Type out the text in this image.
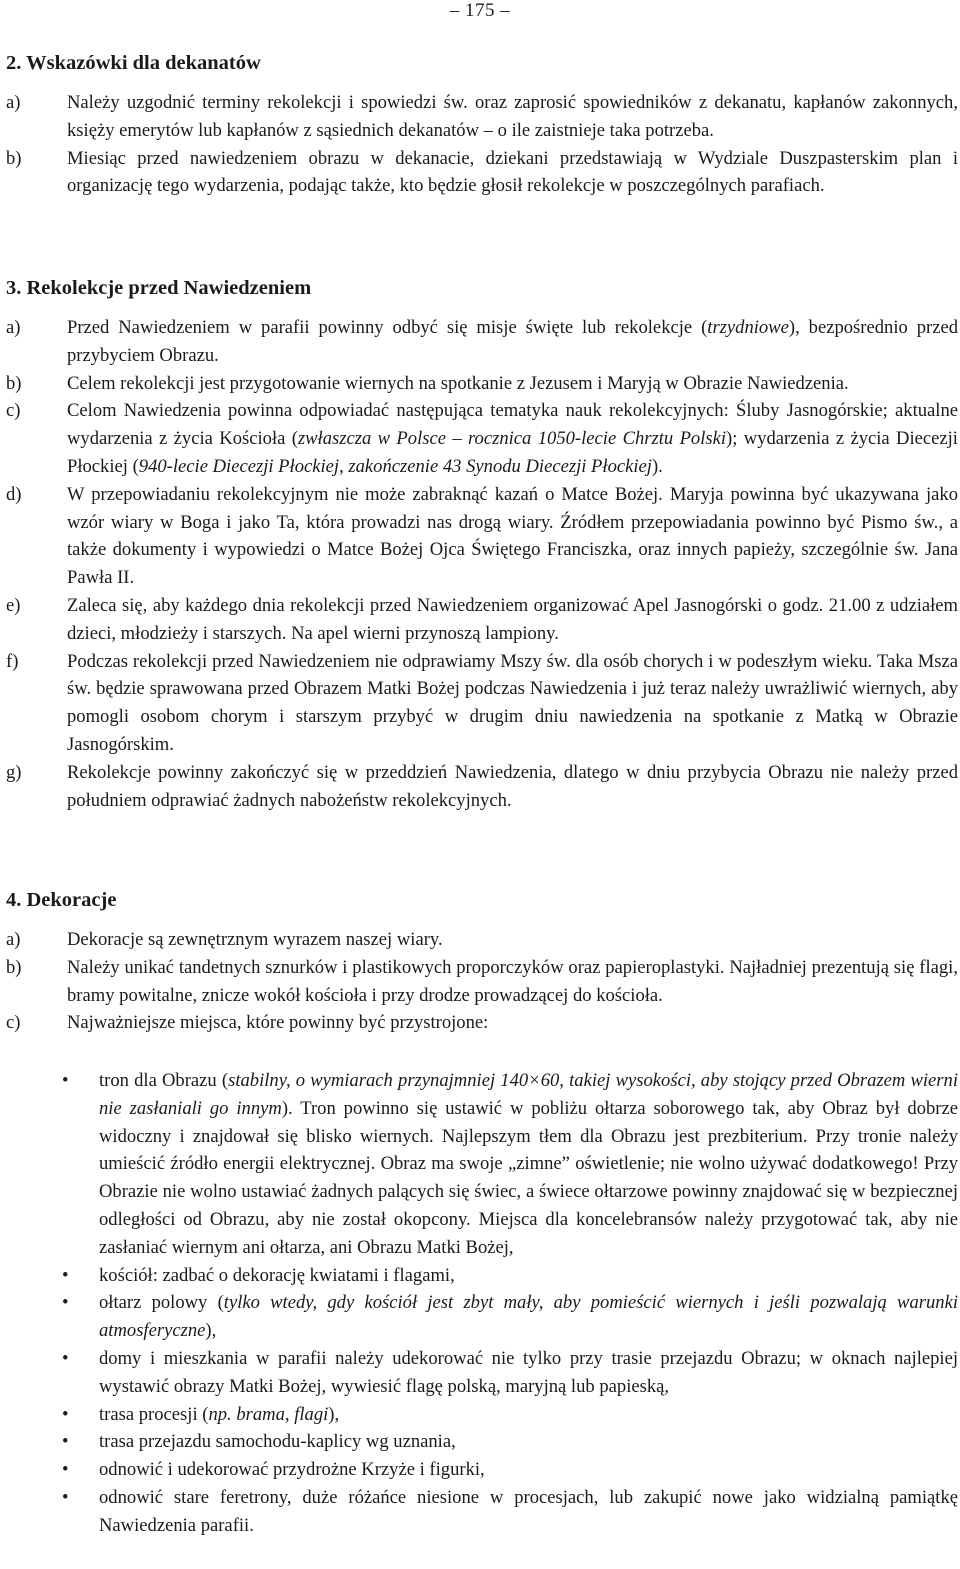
– 175 –
2. Wskazówki dla dekanatów
a)	Należy uzgodnić terminy rekolekcji i spowiedzi św. oraz zaprosić spowiedników z dekanatu, kapłanów zakonnych, księży emerytów lub kapłanów z sąsiednich dekanatów – o ile zaistnieje taka potrzeba.
b)	Miesiąc przed nawiedzeniem obrazu w dekanacie, dziekani przedstawiają w Wydziale Duszpasterskim plan i organizację tego wydarzenia, podając także, kto będzie głosił rekolekcje w poszczególnych parafiach.
3. Rekolekcje przed Nawiedzeniem
a)	Przed Nawiedzeniem w parafii powinny odbyć się misje święte lub rekolekcje (trzydniowe), bezpośrednio przed przybyciem Obrazu.
b)	Celem rekolekcji jest przygotowanie wiernych na spotkanie z Jezusem i Maryją w Obrazie Nawiedzenia.
c)	Celom Nawiedzenia powinna odpowiadać następująca tematyka nauk rekolekcyjnych: Śluby Jasnogórskie; aktualne wydarzenia z życia Kościoła (zwłaszcza w Polsce – rocznica 1050-lecie Chrztu Polski); wydarzenia z życia Diecezji Płockiej (940-lecie Diecezji Płockiej, zakończenie 43 Synodu Diecezji Płockiej).
d)	W przepowiadaniu rekolekcyjnym nie może zabraknąć kazań o Matce Bożej. Maryja powinna być ukazywana jako wzór wiary w Boga i jako Ta, która prowadzi nas drogą wiary. Źródłem przepowiadania powinno być Pismo św., a także dokumenty i wypowiedzi o Matce Bożej Ojca Świętego Franciszka, oraz innych papieży, szczególnie św. Jana Pawła II.
e)	Zaleca się, aby każdego dnia rekolekcji przed Nawiedzeniem organizować Apel Jasnogórski o godz. 21.00 z udziałem dzieci, młodzieży i starszych. Na apel wierni przynoszą lampiony.
f)	Podczas rekolekcji przed Nawiedzeniem nie odprawiamy Mszy św. dla osób chorych i w podeszłym wieku. Taka Msza św. będzie sprawowana przed Obrazem Matki Bożej podczas Nawiedzenia i już teraz należy uwrażliwić wiernych, aby pomogli osobom chorym i starszym przybyć w drugim dniu nawiedzenia na spotkanie z Matką w Obrazie Jasnogórskim.
g)	Rekolekcje powinny zakończyć się w przeddzień Nawiedzenia, dlatego w dniu przybycia Obrazu nie należy przed południem odprawiać żadnych nabożeństw rekolekcyjnych.
4. Dekoracje
a)	Dekoracje są zewnętrznym wyrazem naszej wiary.
b)	Należy unikać tandetnych sznurków i plastikowych proporczyków oraz papieroplastyki. Najładniej prezentują się flagi, bramy powitalne, znicze wokół kościoła i przy drodze prowadzącej do kościoła.
c)	Najważniejsze miejsca, które powinny być przystrojone:
•
tron dla Obrazu (stabilny, o wymiarach przynajmniej 140×60, takiej wysokości, aby stojący przed Obrazem wierni nie zasłaniali go innym). Tron powinno się ustawić w pobliżu ołtarza soborowego tak, aby Obraz był dobrze widoczny i znajdował się blisko wiernych. Najlepszym tłem dla Obrazu jest prezbiterium. Przy tronie należy umieścić źródło energii elektrycznej. Obraz ma swoje „zimne” oświetlenie; nie wolno używać dodatkowego! Przy Obrazie nie wolno ustawiać żadnych palących się świec, a świece ołtarzowe powinny znajdować się w bezpiecznej odległości od Obrazu, aby nie został okopcony. Miejsca dla koncelebransów należy przygotować tak, aby nie zasłaniać wiernym ani ołtarza, ani Obrazu Matki Bożej,
•
kościół: zadbać o dekorację kwiatami i flagami,
•
ołtarz polowy (tylko wtedy, gdy kościół jest zbyt mały, aby pomieścić wiernych i jeśli pozwalają warunki atmosferyczne),
•
domy i mieszkania w parafii należy udekorować nie tylko przy trasie przejazdu Obrazu; w oknach najlepiej wystawić obrazy Matki Bożej, wywiesić flagę polską, maryjną lub papieską,
•
trasa procesji (np. brama, flagi),
•
trasa przejazdu samochodu-kaplicy wg uznania,
•
odnowić i udekorować przydrożne Krzyże i figurki,
•
odnowić stare feretrony, duże różańce niesione w procesjach, lub zakupić nowe jako widzialną pamiątkę Nawiedzenia parafii.
